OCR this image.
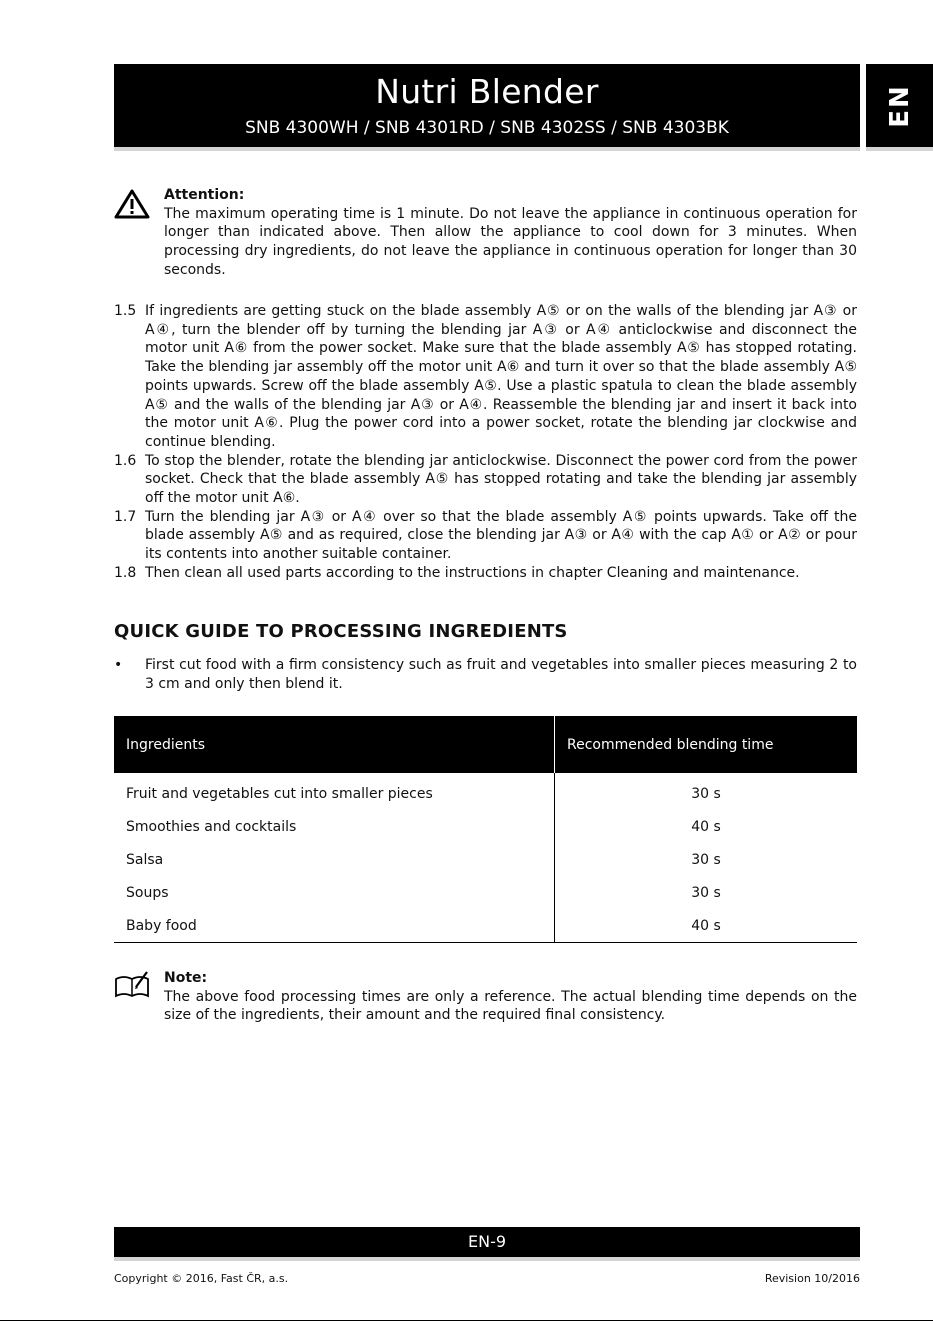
Nutri Blender
SNB 4300WH / SNB 4301RD / SNB 4302SS / SNB 4303BK
EN
Attention:
The maximum operating time is 1 minute. Do not leave the appliance in continuous operation for longer than indicated above. Then allow the appliance to cool down for 3 minutes. When processing dry ingredients, do not leave the appliance in continuous operation for longer than 30 seconds.
1.5 If ingredients are getting stuck on the blade assembly A⑤ or on the walls of the blending jar A③ or A④, turn the blender off by turning the blending jar A③ or A④ anticlockwise and disconnect the motor unit A⑥ from the power socket. Make sure that the blade assembly A⑤ has stopped rotating. Take the blending jar assembly off the motor unit A⑥ and turn it over so that the blade assembly A⑤ points upwards. Screw off the blade assembly A⑤. Use a plastic spatula to clean the blade assembly A⑤ and the walls of the blending jar A③ or A④. Reassemble the blending jar and insert it back into the motor unit A⑥. Plug the power cord into a power socket, rotate the blending jar clockwise and continue blending.
1.6 To stop the blender, rotate the blending jar anticlockwise. Disconnect the power cord from the power socket. Check that the blade assembly A⑤ has stopped rotating and take the blending jar assembly off the motor unit A⑥.
1.7 Turn the blending jar A③ or A④ over so that the blade assembly A⑤ points upwards. Take off the blade assembly A⑤ and as required, close the blending jar A③ or A④ with the cap A① or A② or pour its contents into another suitable container.
1.8 Then clean all used parts according to the instructions in chapter Cleaning and maintenance.
QUICK GUIDE TO PROCESSING INGREDIENTS
•	First cut food with a firm consistency such as fruit and vegetables into smaller pieces measuring 2 to 3 cm and only then blend it.
Ingredients	Recommended blending time
Fruit and vegetables cut into smaller pieces	30 s
Smoothies and cocktails	40 s
Salsa	30 s
Soups	30 s
Baby food	40 s
Note:
The above food processing times are only a reference. The actual blending time depends on the size of the ingredients, their amount and the required final consistency.
EN-9
Copyright © 2016, Fast ČR, a.s.	Revision 10/2016
